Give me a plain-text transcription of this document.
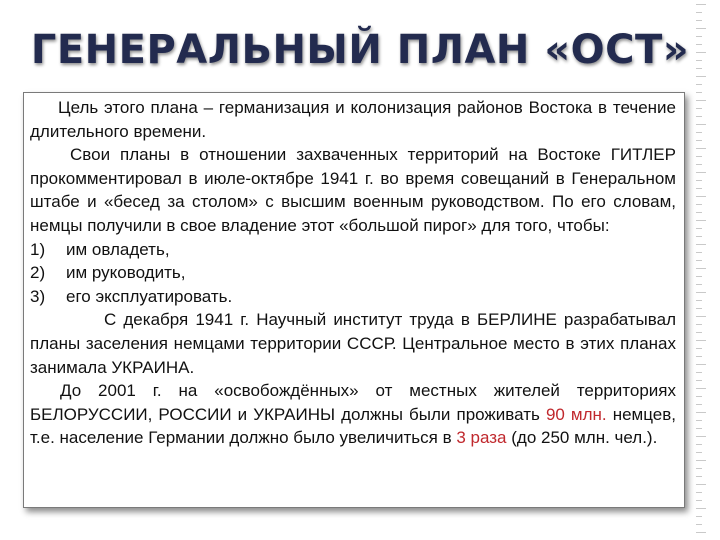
ГЕНЕРАЛЬНЫЙ ПЛАН «ОСТ»

Цель этого плана – германизация и колонизация районов Востока в течение длительного времени.

Свои планы в отношении захваченных территорий на Востоке ГИТЛЕР прокомментировал в июле-октябре 1941 г. во время совещаний в Генеральном штабе и «бесед за столом» с высшим военным руководством. По его словам, немцы получили в свое владение этот «большой пирог» для того, чтобы:

1)	им овладеть,
2)	им руководить,
3)	его эксплуатировать.

С декабря 1941 г. Научный институт труда в БЕРЛИНЕ разрабатывал планы заселения немцами территории СССР. Центральное место в этих планах занимала УКРАИНА.

До 2001 г. на «освобождённых» от местных жителей территориях БЕЛОРУССИИ, РОССИИ и УКРАИНЫ должны были проживать 90 млн. немцев, т.е. население Германии должно было увеличиться в 3 раза (до 250 млн. чел.).
